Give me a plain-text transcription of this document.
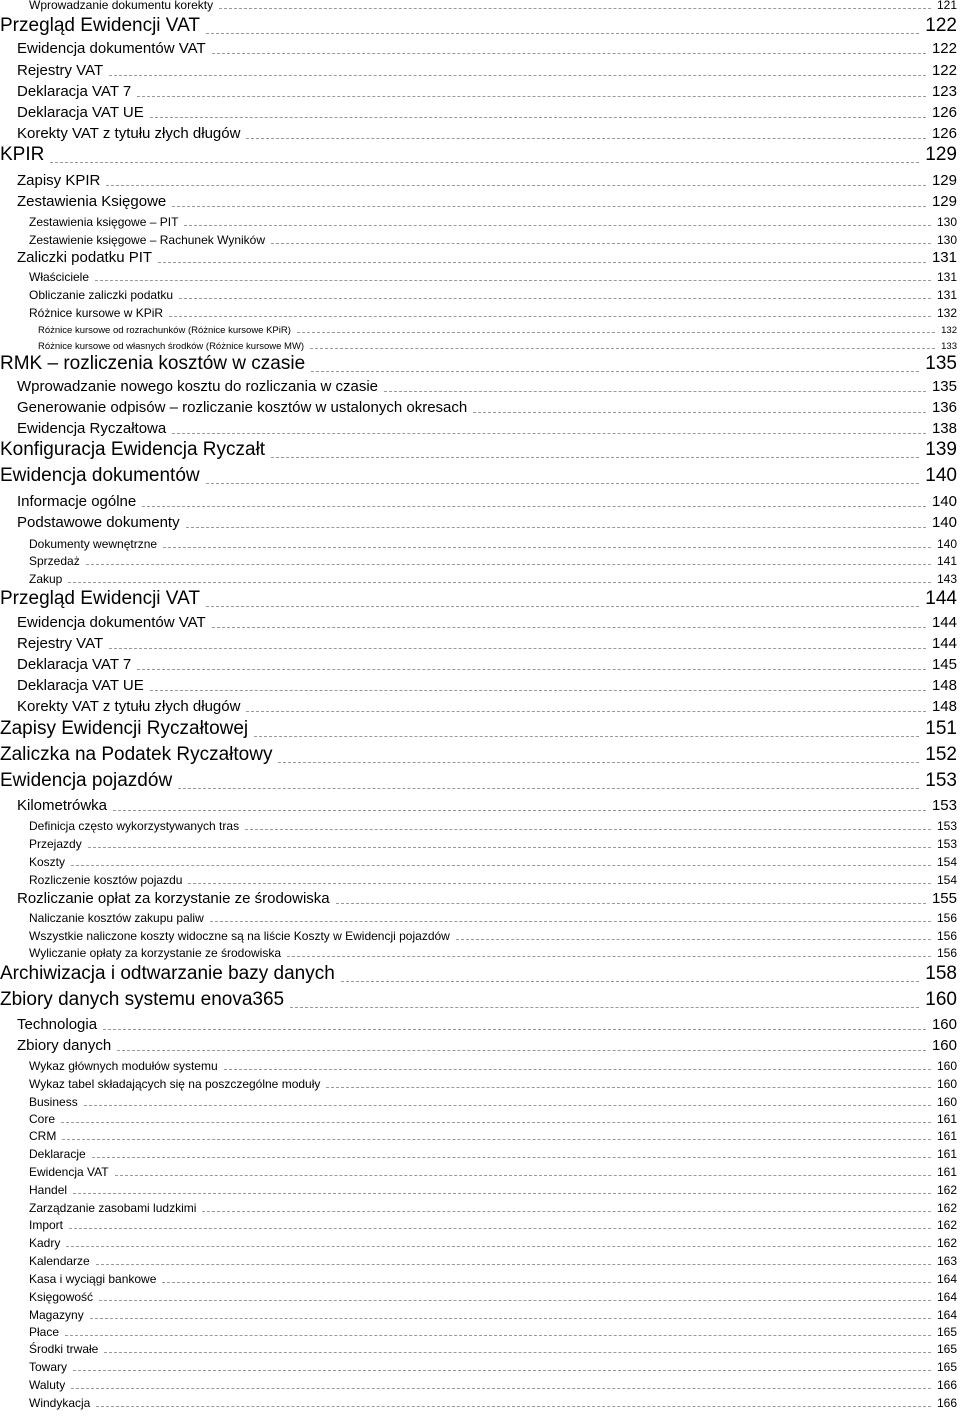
Wprowadzanie dokumentu korekty	121
Przegląd Ewidencji VAT	122
Ewidencja dokumentów VAT	122
Rejestry VAT	122
Deklaracja VAT 7	123
Deklaracja VAT UE	126
Korekty VAT z tytułu złych długów	126
KPIR	129
Zapisy KPIR	129
Zestawienia Księgowe	129
Zestawienia księgowe – PIT	130
Zestawienie księgowe – Rachunek Wyników	130
Zaliczki podatku PIT	131
Właściciele	131
Obliczanie zaliczki podatku	131
Różnice kursowe w KPiR	132
Różnice kursowe od rozrachunków (Różnice kursowe KPiR)	132
Różnice kursowe od własnych środków (Różnice kursowe MW)	133
RMK – rozliczenia kosztów w czasie	135
Wprowadzanie nowego kosztu do rozliczania w czasie	135
Generowanie odpisów – rozliczanie kosztów w ustalonych okresach	136
Ewidencja Ryczałtowa	138
Konfiguracja Ewidencja Ryczałt	139
Ewidencja dokumentów	140
Informacje ogólne	140
Podstawowe dokumenty	140
Dokumenty wewnętrzne	140
Sprzedaż	141
Zakup	143
Przegląd Ewidencji VAT	144
Ewidencja dokumentów VAT	144
Rejestry VAT	144
Deklaracja VAT 7	145
Deklaracja VAT UE	148
Korekty VAT z tytułu złych długów	148
Zapisy Ewidencji Ryczałtowej	151
Zaliczka na Podatek Ryczałtowy	152
Ewidencja pojazdów	153
Kilometrówka	153
Definicja często wykorzystywanych tras	153
Przejazdy	153
Koszty	154
Rozliczenie kosztów pojazdu	154
Rozliczanie opłat za korzystanie ze środowiska	155
Naliczanie kosztów zakupu paliw	156
Wszystkie naliczone koszty widoczne są na liście Koszty w Ewidencji pojazdów	156
Wyliczanie opłaty za korzystanie ze środowiska	156
Archiwizacja i odtwarzanie bazy danych	158
Zbiory danych systemu enova365	160
Technologia	160
Zbiory danych	160
Wykaz głównych modułów systemu	160
Wykaz tabel składających się na poszczególne moduły	160
Business	160
Core	161
CRM	161
Deklaracje	161
Ewidencja VAT	161
Handel	162
Zarządzanie zasobami ludzkimi	162
Import	162
Kadry	162
Kalendarze	163
Kasa i wyciągi bankowe	164
Księgowość	164
Magazyny	164
Płace	165
Środki trwałe	165
Towary	165
Waluty	166
Windykacja	166
